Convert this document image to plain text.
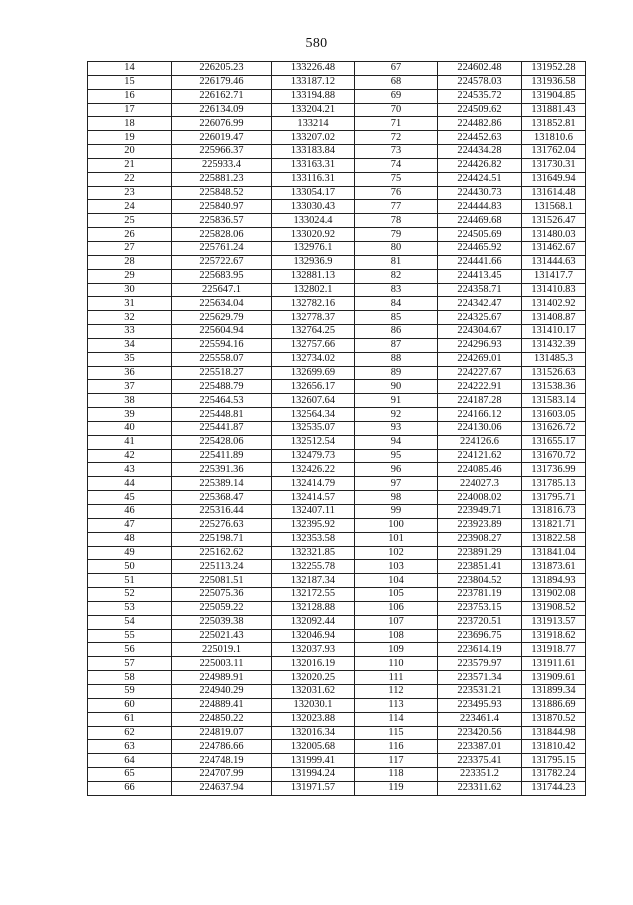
580
14	226205.23	133226.48	67	224602.48	131952.28
15	226179.46	133187.12	68	224578.03	131936.58
16	226162.71	133194.88	69	224535.72	131904.85
17	226134.09	133204.21	70	224509.62	131881.43
18	226076.99	133214	71	224482.86	131852.81
19	226019.47	133207.02	72	224452.63	131810.6
20	225966.37	133183.84	73	224434.28	131762.04
21	225933.4	133163.31	74	224426.82	131730.31
22	225881.23	133116.31	75	224424.51	131649.94
23	225848.52	133054.17	76	224430.73	131614.48
24	225840.97	133030.43	77	224444.83	131568.1
25	225836.57	133024.4	78	224469.68	131526.47
26	225828.06	133020.92	79	224505.69	131480.03
27	225761.24	132976.1	80	224465.92	131462.67
28	225722.67	132936.9	81	224441.66	131444.63
29	225683.95	132881.13	82	224413.45	131417.7
30	225647.1	132802.1	83	224358.71	131410.83
31	225634.04	132782.16	84	224342.47	131402.92
32	225629.79	132778.37	85	224325.67	131408.87
33	225604.94	132764.25	86	224304.67	131410.17
34	225594.16	132757.66	87	224296.93	131432.39
35	225558.07	132734.02	88	224269.01	131485.3
36	225518.27	132699.69	89	224227.67	131526.63
37	225488.79	132656.17	90	224222.91	131538.36
38	225464.53	132607.64	91	224187.28	131583.14
39	225448.81	132564.34	92	224166.12	131603.05
40	225441.87	132535.07	93	224130.06	131626.72
41	225428.06	132512.54	94	224126.6	131655.17
42	225411.89	132479.73	95	224121.62	131670.72
43	225391.36	132426.22	96	224085.46	131736.99
44	225389.14	132414.79	97	224027.3	131785.13
45	225368.47	132414.57	98	224008.02	131795.71
46	225316.44	132407.11	99	223949.71	131816.73
47	225276.63	132395.92	100	223923.89	131821.71
48	225198.71	132353.58	101	223908.27	131822.58
49	225162.62	132321.85	102	223891.29	131841.04
50	225113.24	132255.78	103	223851.41	131873.61
51	225081.51	132187.34	104	223804.52	131894.93
52	225075.36	132172.55	105	223781.19	131902.08
53	225059.22	132128.88	106	223753.15	131908.52
54	225039.38	132092.44	107	223720.51	131913.57
55	225021.43	132046.94	108	223696.75	131918.62
56	225019.1	132037.93	109	223614.19	131918.77
57	225003.11	132016.19	110	223579.97	131911.61
58	224989.91	132020.25	111	223571.34	131909.61
59	224940.29	132031.62	112	223531.21	131899.34
60	224889.41	132030.1	113	223495.93	131886.69
61	224850.22	132023.88	114	223461.4	131870.52
62	224819.07	132016.34	115	223420.56	131844.98
63	224786.66	132005.68	116	223387.01	131810.42
64	224748.19	131999.41	117	223375.41	131795.15
65	224707.99	131994.24	118	223351.2	131782.24
66	224637.94	131971.57	119	223311.62	131744.23
